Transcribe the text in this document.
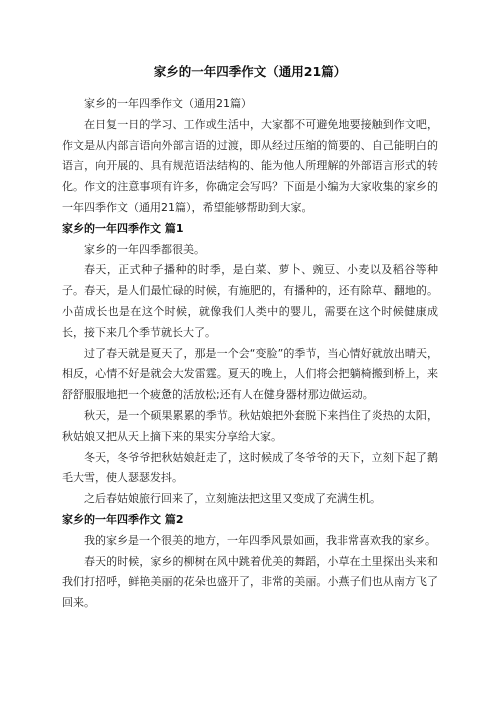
家乡的一年四季作文（通用21篇）

家乡的一年四季作文（通用21篇）

在日复一日的学习、工作或生活中，大家都不可避免地要接触到作文吧，作文是从内部言语向外部言语的过渡，即从经过压缩的简要的、自己能明白的语言，向开展的、具有规范语法结构的、能为他人所理解的外部语言形式的转化。作文的注意事项有许多，你确定会写吗？下面是小编为大家收集的家乡的一年四季作文（通用21篇），希望能够帮助到大家。

家乡的一年四季作文 篇1

家乡的一年四季都很美。

春天，正式种子播种的时季，是白菜、萝卜、豌豆、小麦以及稻谷等种子。春天，是人们最忙碌的时候，有施肥的，有播种的，还有除草、翻地的。小苗成长也是在这个时候，就像我们人类中的婴儿，需要在这个时候健康成长，接下来几个季节就长大了。

过了春天就是夏天了，那是一个会“变脸”的季节，当心情好就放出晴天，相反，心情不好是就会大发雷霆。夏天的晚上，人们将会把躺椅搬到桥上，来舒舒服服地把一个疲惫的活放松;还有人在健身器材那边做运动。

秋天，是一个硕果累累的季节。秋姑娘把外套脱下来挡住了炎热的太阳，秋姑娘又把从天上摘下来的果实分享给大家。

冬天，冬爷爷把秋姑娘赶走了，这时候成了冬爷爷的天下，立刻下起了鹅毛大雪，使人瑟瑟发抖。

之后春姑娘旅行回来了，立刻施法把这里又变成了充满生机。

家乡的一年四季作文 篇2

我的家乡是一个很美的地方，一年四季风景如画，我非常喜欢我的家乡。

春天的时候，家乡的柳树在风中跳着优美的舞蹈，小草在土里探出头来和我们打招呼，鲜艳美丽的花朵也盛开了，非常的美丽。小燕子们也从南方飞了回来。
